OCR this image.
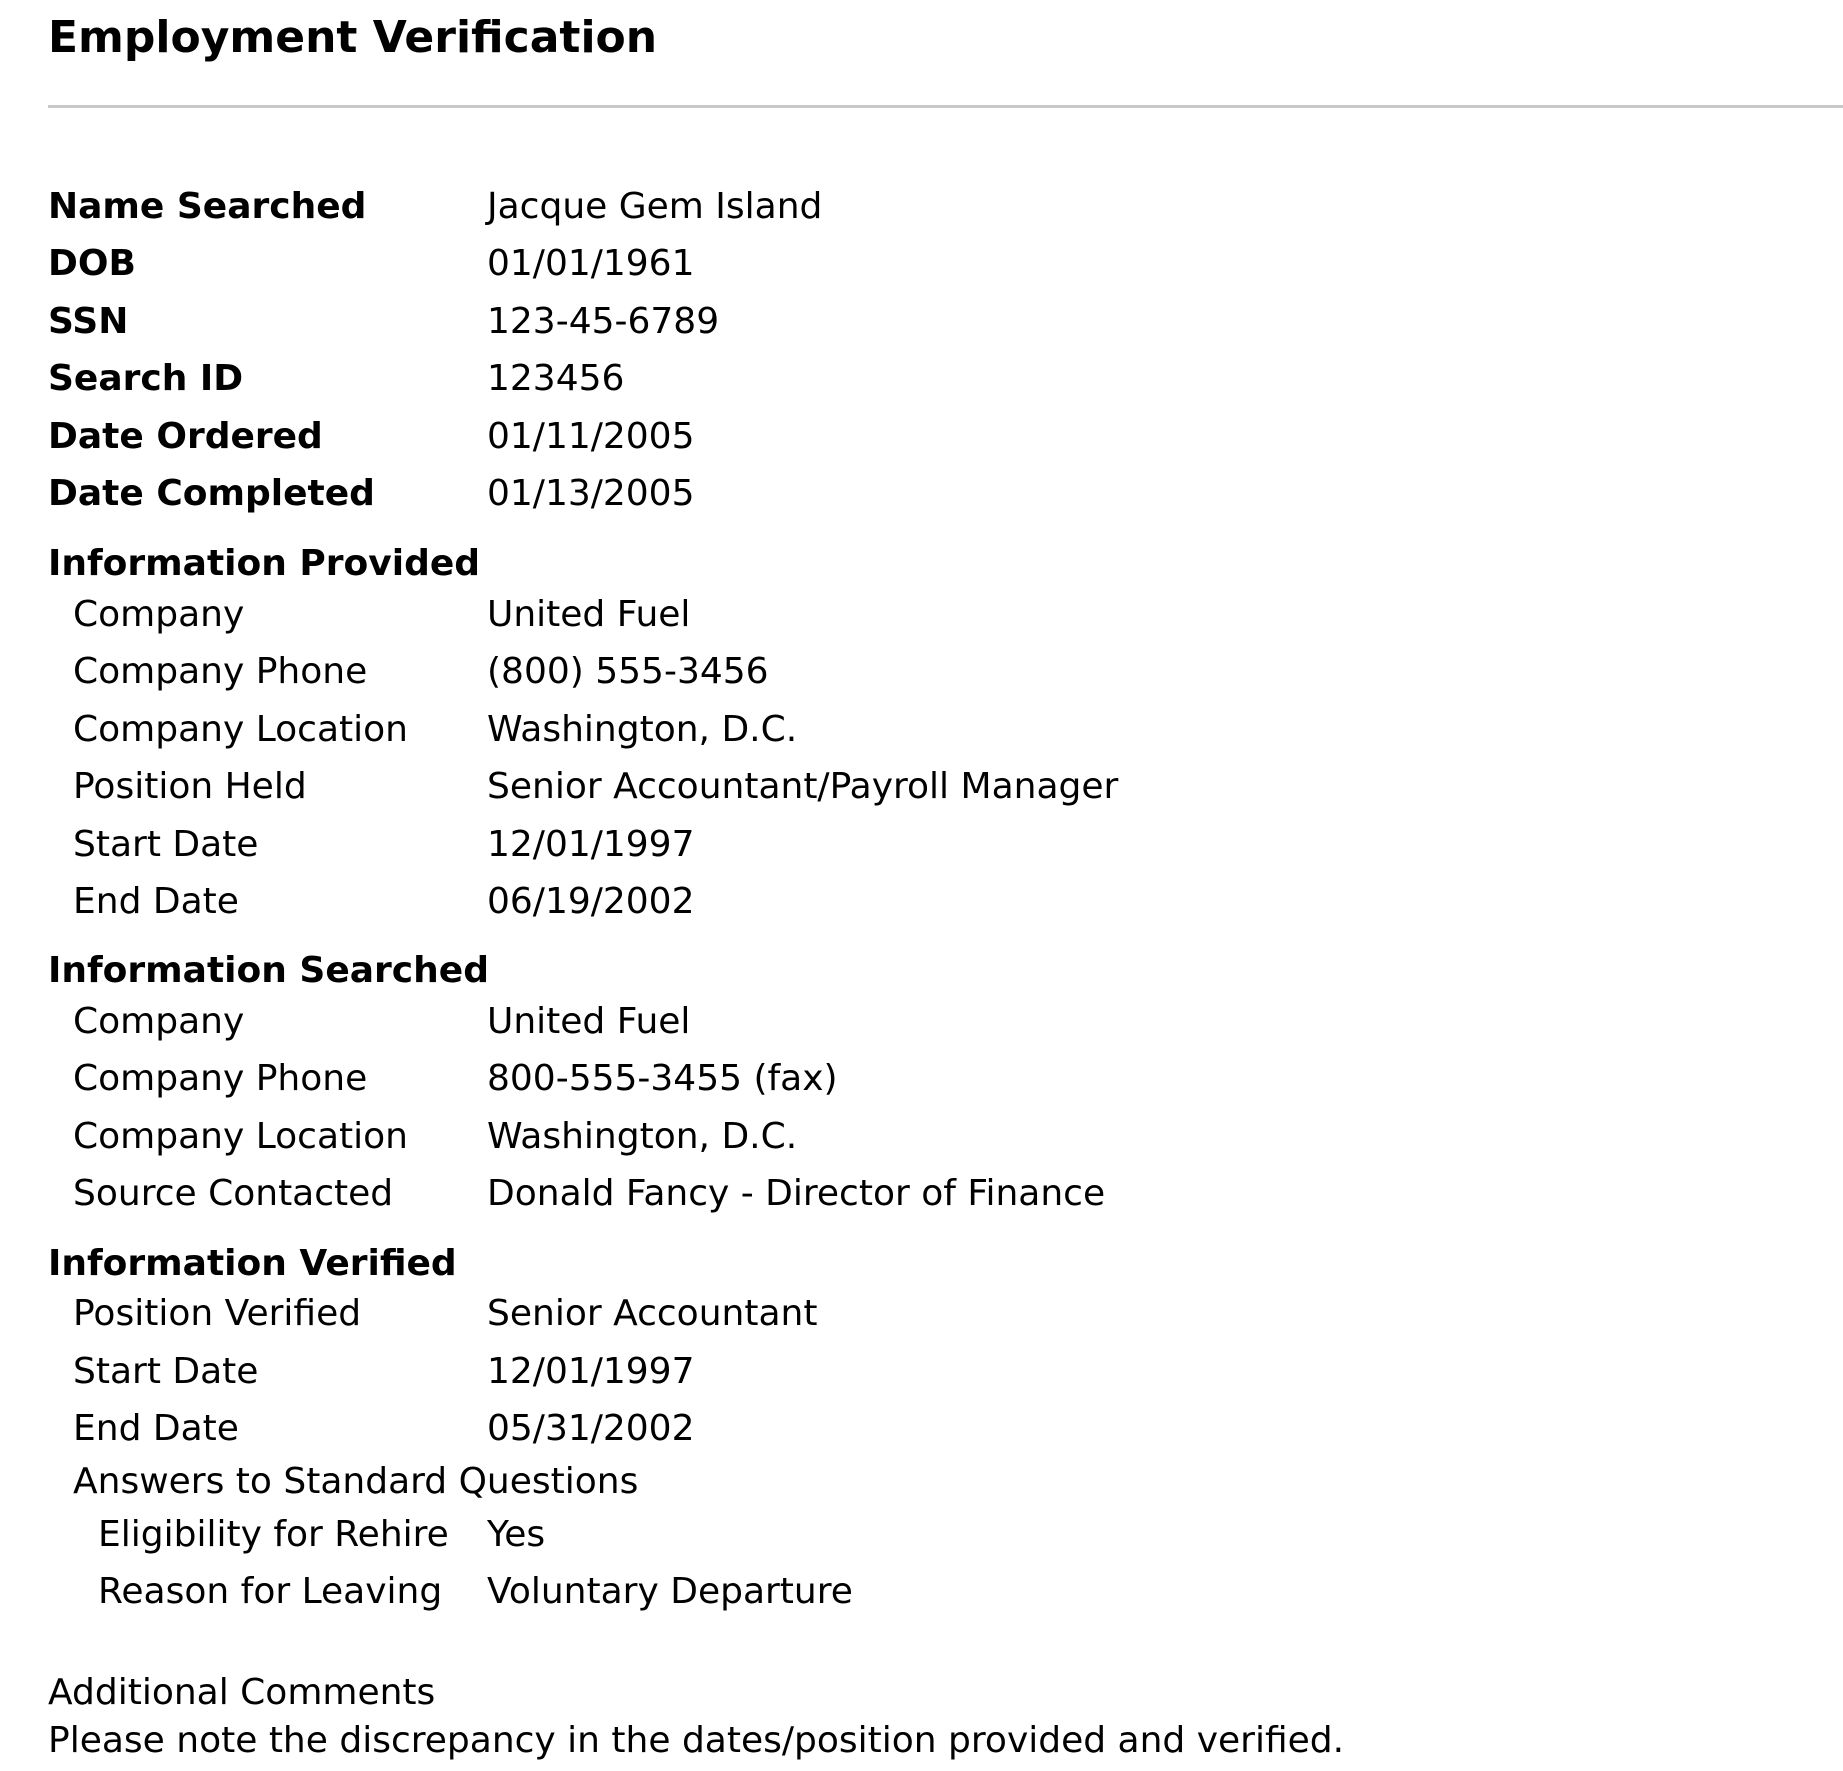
Employment Verification
Name Searched	Jacque Gem Island
DOB	01/01/1961
SSN	123-45-6789
Search ID	123456
Date Ordered	01/11/2005
Date Completed	01/13/2005
Information Provided
Company	United Fuel
Company Phone	(800) 555-3456
Company Location Washington, D.C.
Position Held	Senior Accountant/Payroll Manager
Start Date	12/01/1997
End Date	06/19/2002
Information Searched
Company	United Fuel
Company Phone	800-555-3455 (fax)
Company Location Washington, D.C.
Source Contacted	Donald Fancy - Director of Finance
Information Verified
Position Verified	Senior Accountant
Start Date	12/01/1997
End Date	05/31/2002
Answers to Standard Questions
Eligibility for Rehire Yes
Reason for Leaving Voluntary Departure
Additional Comments
Please note the discrepancy in the dates/position provided and verified.
